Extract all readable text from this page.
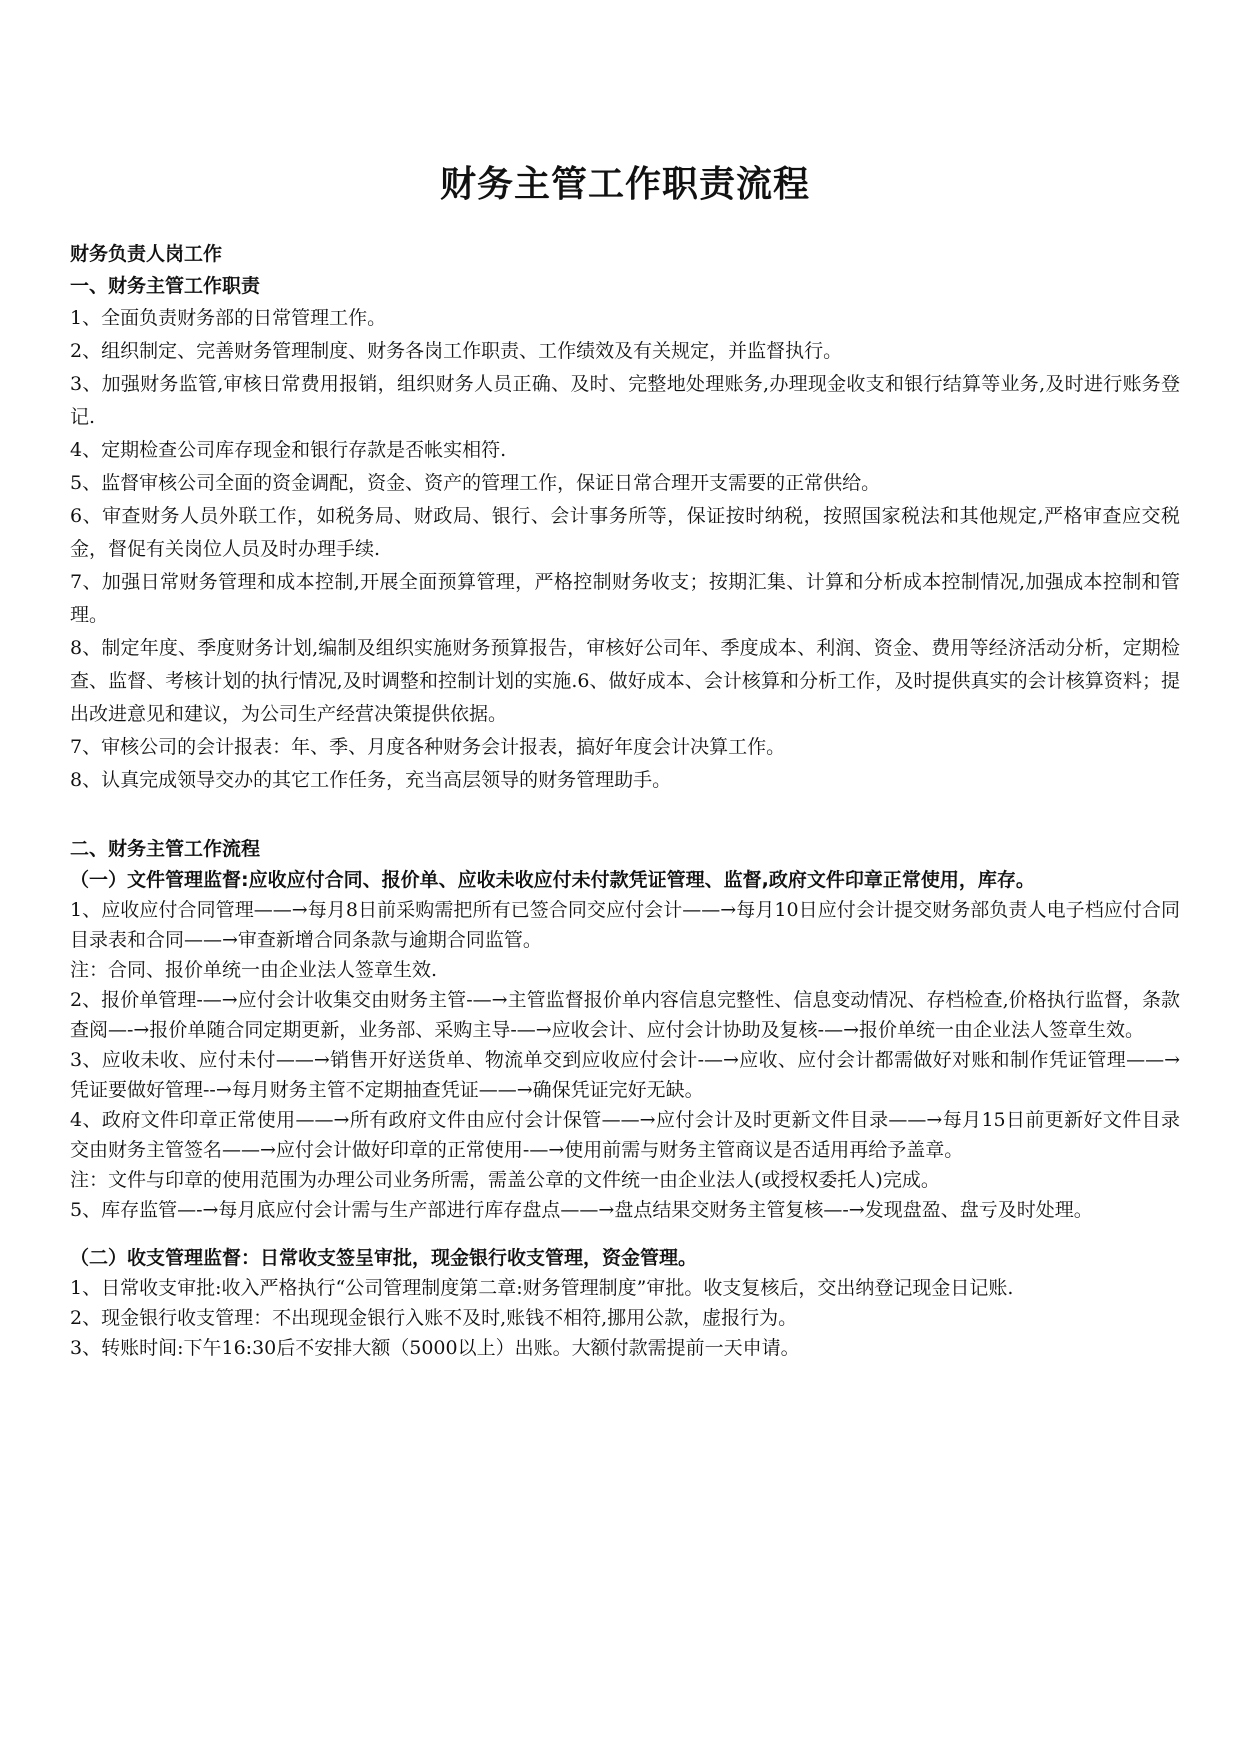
财务主管工作职责流程
财务负责人岗工作
一、财务主管工作职责
1、全面负责财务部的日常管理工作。
2、组织制定、完善财务管理制度、财务各岗工作职责、工作绩效及有关规定，并监督执行。
3、加强财务监管,审核日常费用报销，组织财务人员正确、及时、完整地处理账务,办理现金收支和银行结算等业务,及时进行账务登记.
4、定期检查公司库存现金和银行存款是否帐实相符.
5、监督审核公司全面的资金调配，资金、资产的管理工作，保证日常合理开支需要的正常供给。
6、审查财务人员外联工作，如税务局、财政局、银行、会计事务所等，保证按时纳税，按照国家税法和其他规定,严格审查应交税金，督促有关岗位人员及时办理手续.
7、加强日常财务管理和成本控制,开展全面预算管理，严格控制财务收支；按期汇集、计算和分析成本控制情况,加强成本控制和管理。
8、制定年度、季度财务计划,编制及组织实施财务预算报告，审核好公司年、季度成本、利润、资金、费用等经济活动分析，定期检查、监督、考核计划的执行情况,及时调整和控制计划的实施.6、做好成本、会计核算和分析工作，及时提供真实的会计核算资料；提出改进意见和建议，为公司生产经营决策提供依据。
7、审核公司的会计报表：年、季、月度各种财务会计报表，搞好年度会计决算工作。
8、认真完成领导交办的其它工作任务，充当高层领导的财务管理助手。
二、财务主管工作流程
（一）文件管理监督:应收应付合同、报价单、应收未收应付未付款凭证管理、监督,政府文件印章正常使用，库存。
1、应收应付合同管理——→每月8日前采购需把所有已签合同交应付会计——→每月10日应付会计提交财务部负责人电子档应付合同目录表和合同——→审查新增合同条款与逾期合同监管。
注：合同、报价单统一由企业法人签章生效.
2、报价单管理-—→应付会计收集交由财务主管-—→主管监督报价单内容信息完整性、信息变动情况、存档检查,价格执行监督，条款查阅—-→报价单随合同定期更新，业务部、采购主导-—→应收会计、应付会计协助及复核-—→报价单统一由企业法人签章生效。
3、应收未收、应付未付——→销售开好送货单、物流单交到应收应付会计-—→应收、应付会计都需做好对账和制作凭证管理——→凭证要做好管理--→每月财务主管不定期抽查凭证——→确保凭证完好无缺。
4、政府文件印章正常使用——→所有政府文件由应付会计保管——→应付会计及时更新文件目录——→每月15日前更新好文件目录交由财务主管签名——→应付会计做好印章的正常使用-—→使用前需与财务主管商议是否适用再给予盖章。
注：文件与印章的使用范围为办理公司业务所需，需盖公章的文件统一由企业法人(或授权委托人)完成。
5、库存监管—-→每月底应付会计需与生产部进行库存盘点——→盘点结果交财务主管复核—-→发现盘盈、盘亏及时处理。
（二）收支管理监督：日常收支签呈审批，现金银行收支管理，资金管理。
1、日常收支审批:收入严格执行“公司管理制度第二章:财务管理制度”审批。收支复核后，交出纳登记现金日记账.
2、现金银行收支管理：不出现现金银行入账不及时,账钱不相符,挪用公款，虚报行为。
3、转账时间:下午16:30后不安排大额（5000以上）出账。大额付款需提前一天申请。
